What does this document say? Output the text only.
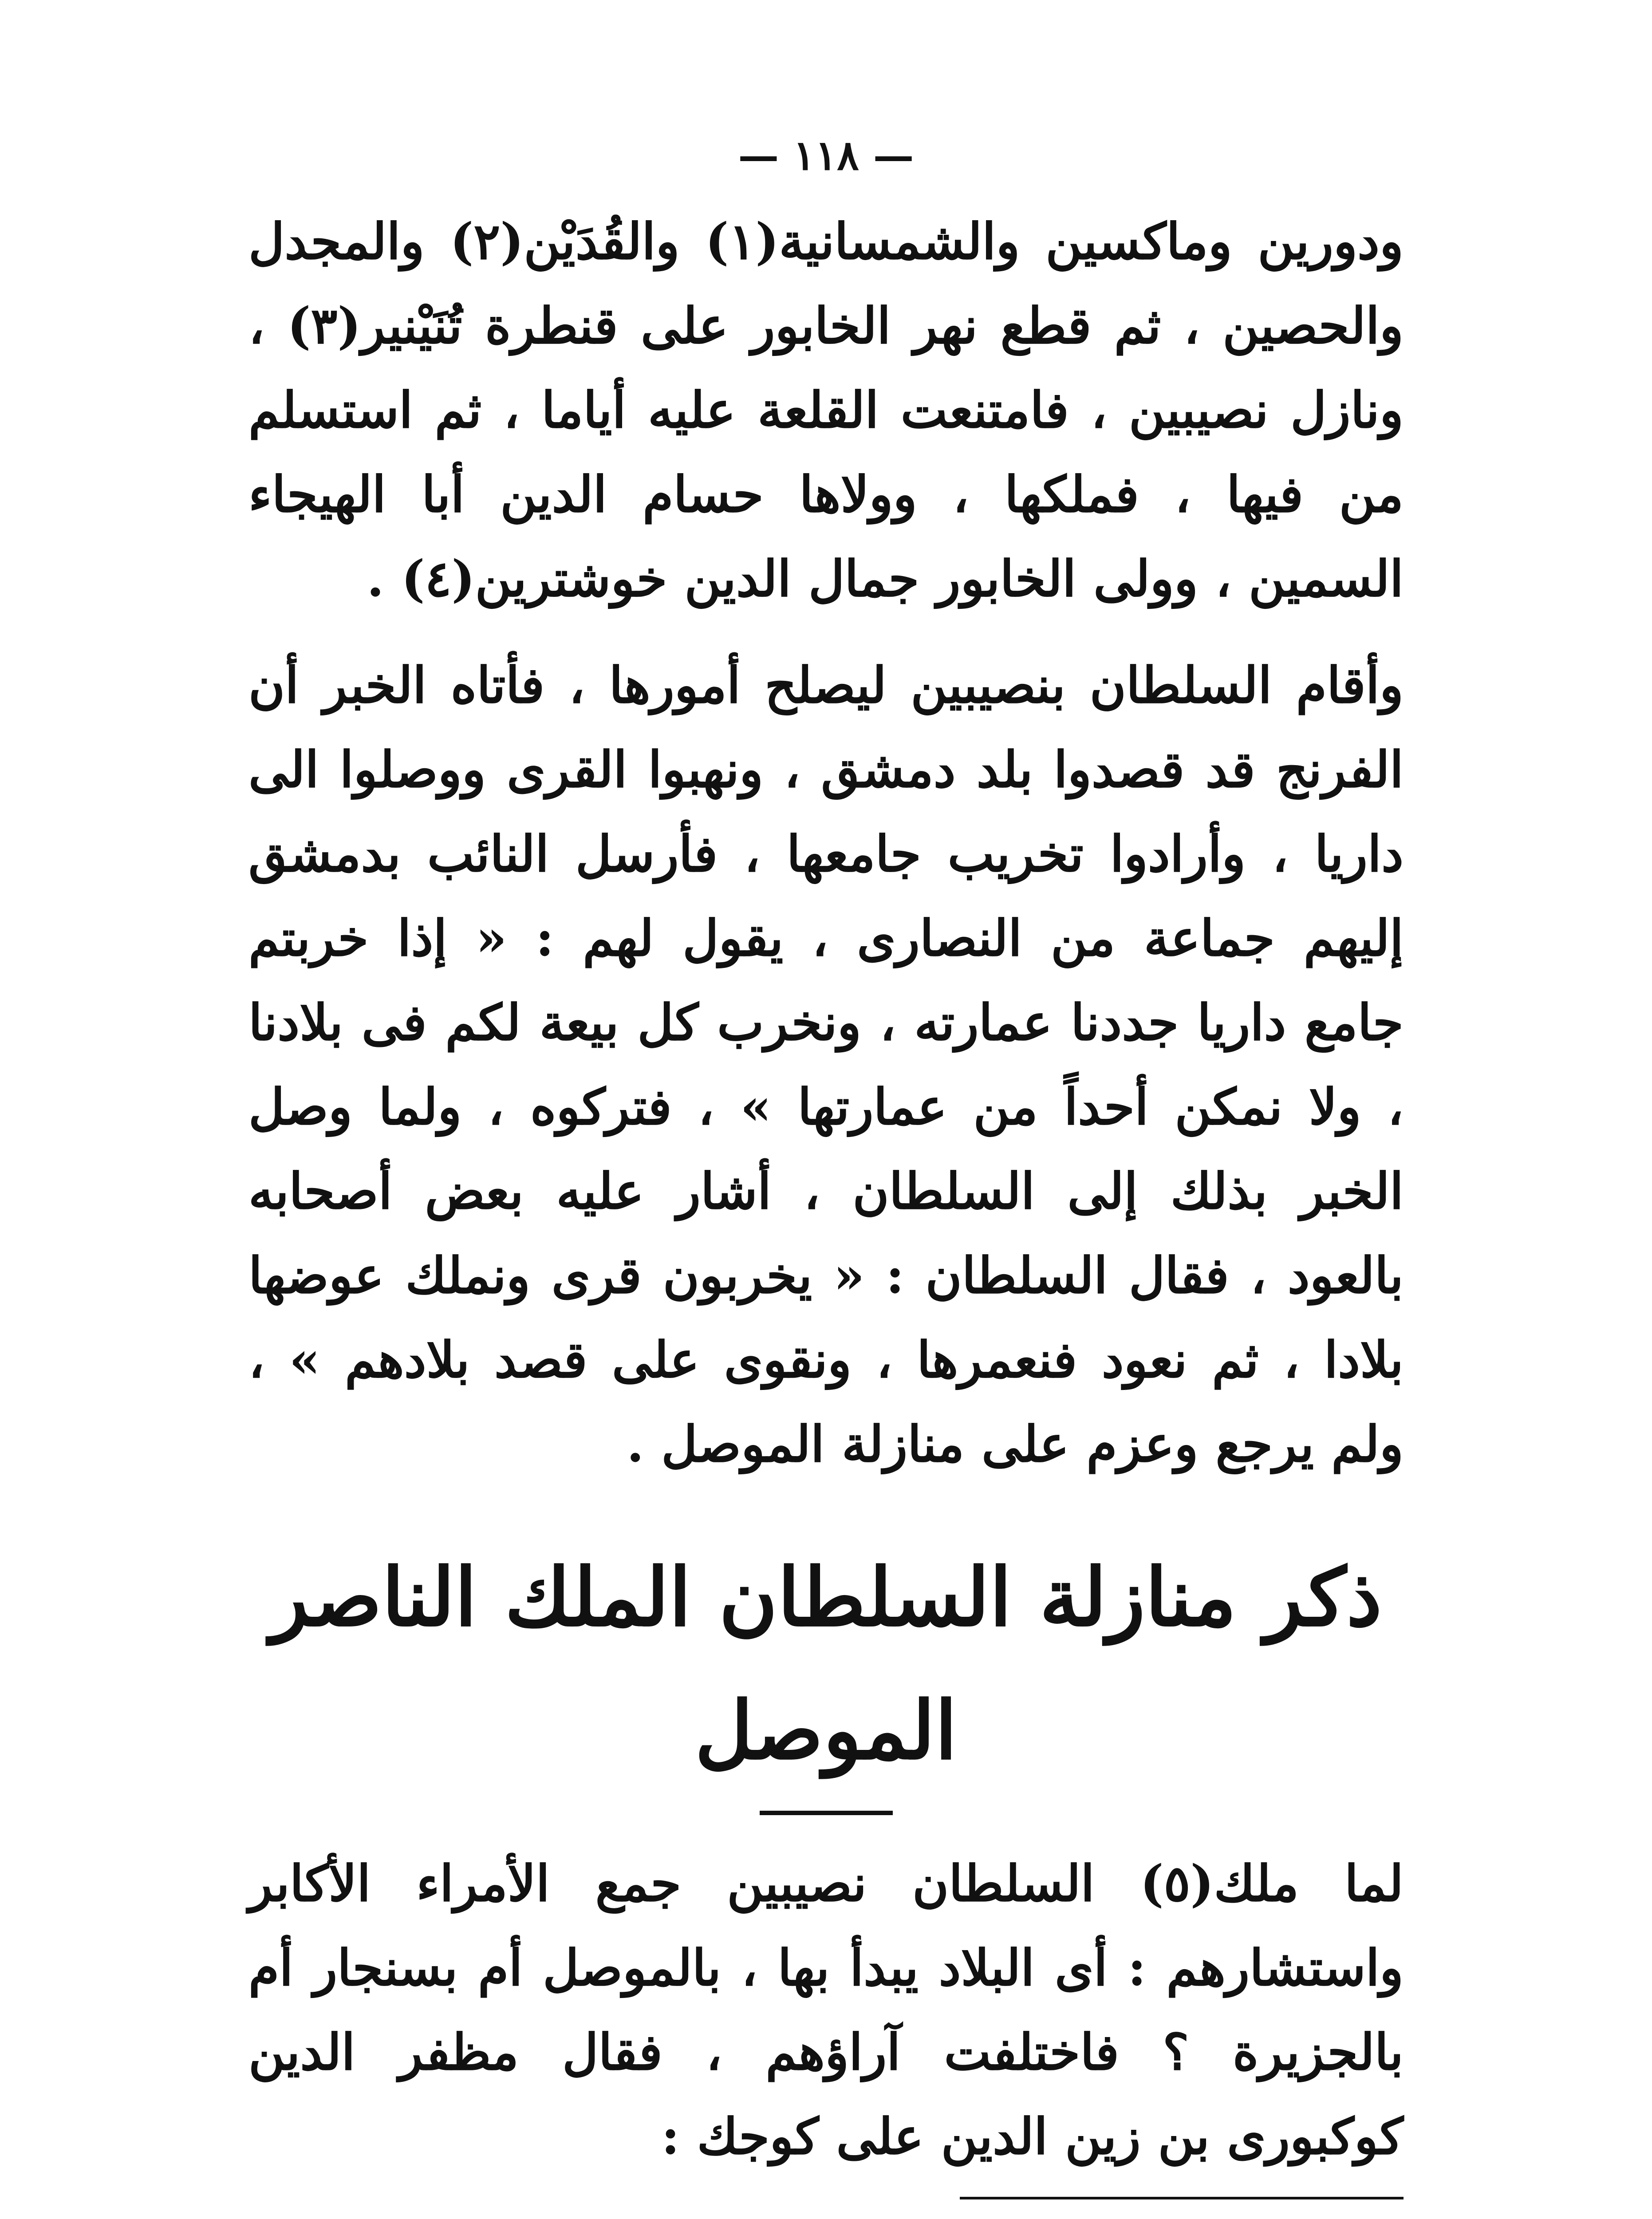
— ١١٨ —

ودورين وماكسين والشمسانية(١) والقُدَيْن(٢) والمجدل والحصين ، ثم قطع نهر الخابور على قنطرة تُنَيْنير(٣) ، ونازل نصيبين ، فامتنعت القلعة عليه أياما ، ثم استسلم من فيها ، فملكها ، وولاها حسام الدين أبا الهيجاء السمين ، وولى الخابور جمال الدين خوشترين(٤) .

وأقام السلطان بنصيبين ليصلح أمورها ، فأتاه الخبر أن الفرنج قد قصدوا بلد دمشق ، ونهبوا القرى ووصلوا الى داريا ، وأرادوا تخريب جامعها ، فأرسل النائب بدمشق إليهم جماعة من النصارى ، يقول لهم : « إذا خربتم جامع داريا جددنا عمارته ، ونخرب كل بيعة لكم فى بلادنا ، ولا نمكن أحداً من عمارتها » ، فتركوه ، ولما وصل الخبر بذلك إلى السلطان ، أشار عليه بعض أصحابه بالعود ، فقال السلطان : « يخربون قرى ونملك عوضها بلادا ، ثم نعود فنعمرها ، ونقوى على قصد بلادهم » ، ولم يرجع وعزم على منازلة الموصل .

ذكر منازلة السلطان الملك الناصر الموصل

لما ملك(٥) السلطان نصيبين جمع الأمراء الأكابر واستشارهم : أى البلاد يبدأ بها ، بالموصل أم بسنجار أم بالجزيرة ؟ فاختلفت آراؤهم ، فقال مظفر الدين كوكبورى بن زين الدين على كوجك :
